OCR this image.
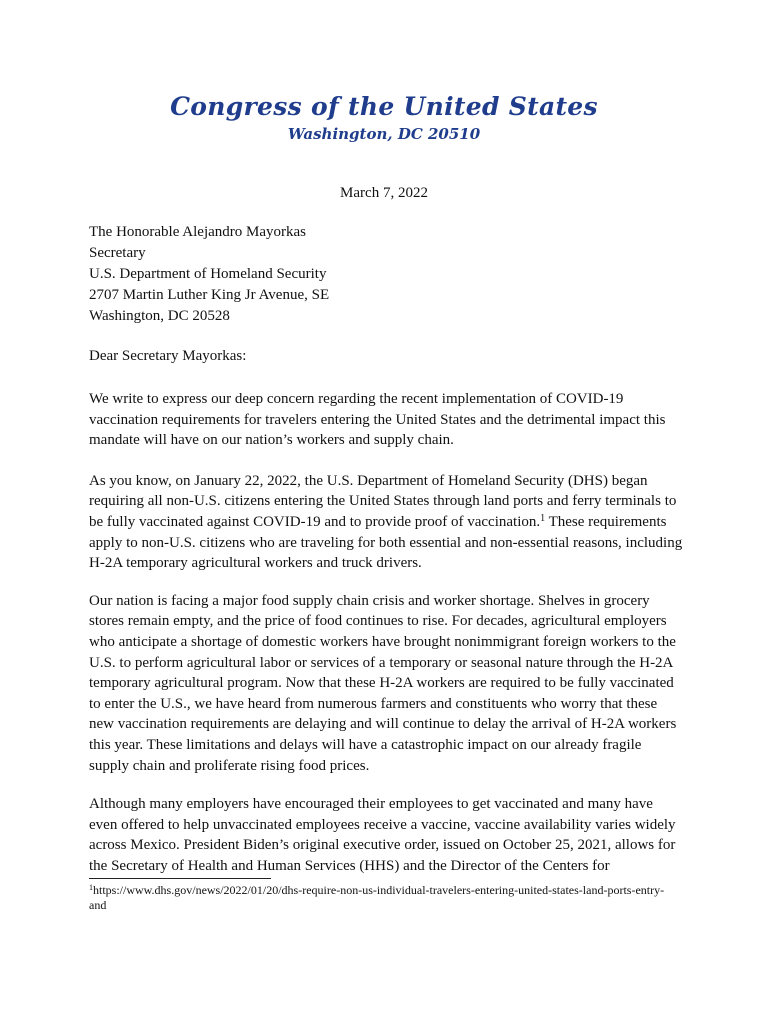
Congress of the United States
Washington, DC 20510
March 7, 2022
The Honorable Alejandro Mayorkas
Secretary
U.S. Department of Homeland Security
2707 Martin Luther King Jr Avenue, SE
Washington, DC 20528
Dear Secretary Mayorkas:

We write to express our deep concern regarding the recent implementation of COVID-19 vaccination requirements for travelers entering the United States and the detrimental impact this mandate will have on our nation’s workers and supply chain.

As you know, on January 22, 2022, the U.S. Department of Homeland Security (DHS) began requiring all non-U.S. citizens entering the United States through land ports and ferry terminals to be fully vaccinated against COVID-19 and to provide proof of vaccination.$^1$ These requirements apply to non-U.S. citizens who are traveling for both essential and non-essential reasons, including H-2A temporary agricultural workers and truck drivers.

Our nation is facing a major food supply chain crisis and worker shortage. Shelves in grocery stores remain empty, and the price of food continues to rise. For decades, agricultural employers who anticipate a shortage of domestic workers have brought nonimmigrant foreign workers to the U.S. to perform agricultural labor or services of a temporary or seasonal nature through the H-2A temporary agricultural program. Now that these H-2A workers are required to be fully vaccinated to enter the U.S., we have heard from numerous farmers and constituents who worry that these new vaccination requirements are delaying and will continue to delay the arrival of H-2A workers this year. These limitations and delays will have a catastrophic impact on our already fragile supply chain and proliferate rising food prices.

Although many employers have encouraged their employees to get vaccinated and many have even offered to help unvaccinated employees receive a vaccine, vaccine availability varies widely across Mexico. President Biden’s original executive order, issued on October 25, 2021, allows for the Secretary of Health and Human Services (HHS) and the Director of the Centers for

$^1$https://www.dhs.gov/news/2022/01/20/dhs-require-non-us-individual-travelers-entering-united-states-land-ports-entry-and
